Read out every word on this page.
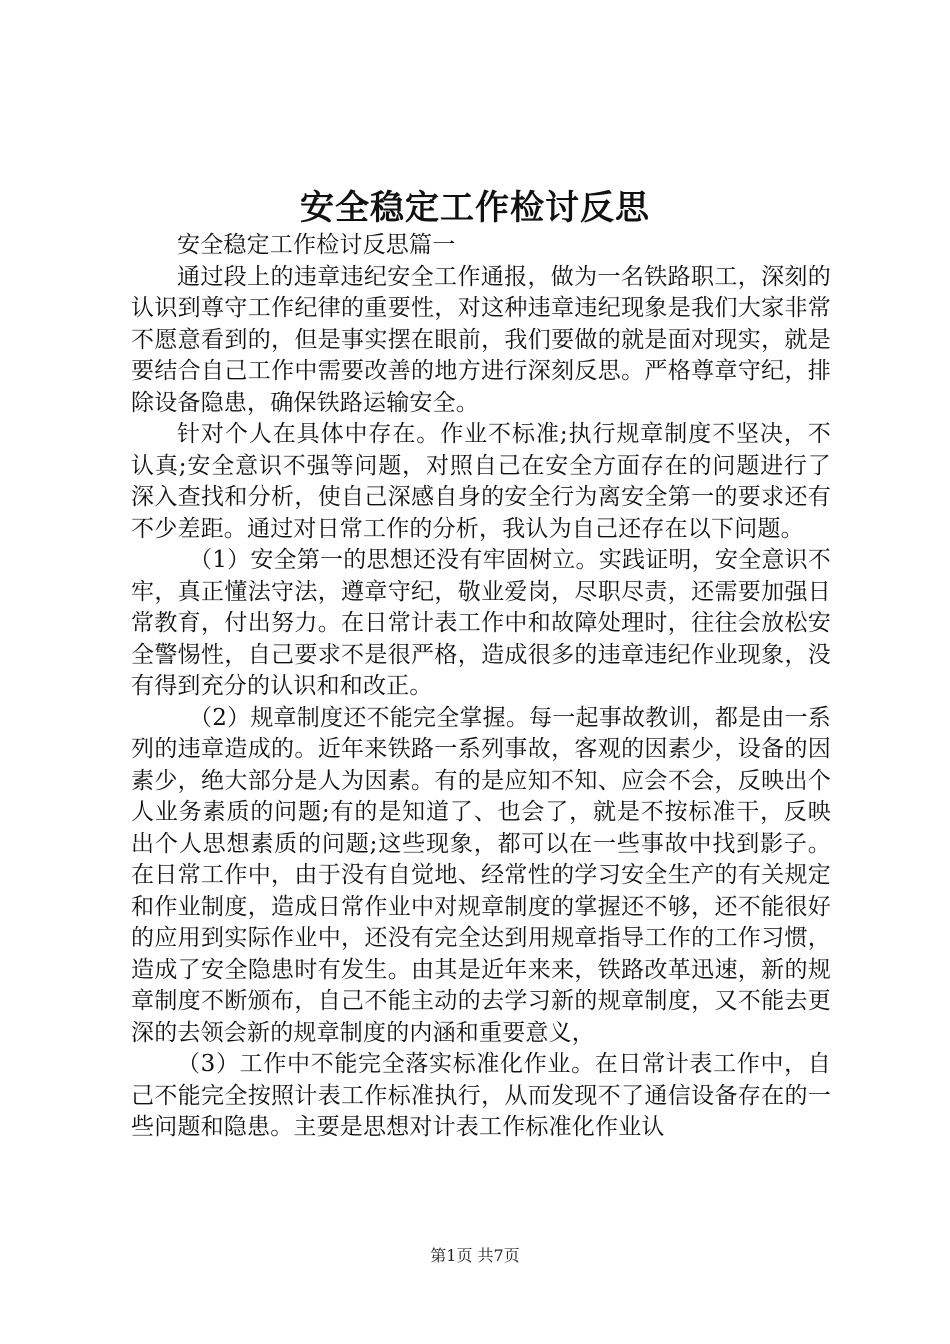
安全稳定工作检讨反思

安全稳定工作检讨反思篇一

通过段上的违章违纪安全工作通报，做为一名铁路职工，深刻的认识到尊守工作纪律的重要性，对这种违章违纪现象是我们大家非常不愿意看到的，但是事实摆在眼前，我们要做的就是面对现实，就是要结合自己工作中需要改善的地方进行深刻反思。严格尊章守纪，排除设备隐患，确保铁路运输安全。

针对个人在具体中存在。作业不标准;执行规章制度不坚决，不认真;安全意识不强等问题，对照自己在安全方面存在的问题进行了深入查找和分析，使自己深感自身的安全行为离安全第一的要求还有不少差距。通过对日常工作的分析，我认为自己还存在以下问题。

（1）安全第一的思想还没有牢固树立。实践证明，安全意识不牢，真正懂法守法，遵章守纪，敬业爱岗，尽职尽责，还需要加强日常教育，付出努力。在日常计表工作中和故障处理时，往往会放松安全警惕性，自己要求不是很严格，造成很多的违章违纪作业现象，没有得到充分的认识和和改正。

（2）规章制度还不能完全掌握。每一起事故教训，都是由一系列的违章造成的。近年来铁路一系列事故，客观的因素少，设备的因素少，绝大部分是人为因素。有的是应知不知、应会不会，反映出个人业务素质的问题;有的是知道了、也会了，就是不按标准干，反映出个人思想素质的问题;这些现象，都可以在一些事故中找到影子。在日常工作中，由于没有自觉地、经常性的学习安全生产的有关规定和作业制度，造成日常作业中对规章制度的掌握还不够，还不能很好的应用到实际作业中，还没有完全达到用规章指导工作的工作习惯，造成了安全隐患时有发生。由其是近年来来，铁路改革迅速，新的规章制度不断颁布，自己不能主动的去学习新的规章制度，又不能去更深的去领会新的规章制度的内涵和重要意义，

（3）工作中不能完全落实标准化作业。在日常计表工作中，自己不能完全按照计表工作标准执行，从而发现不了通信设备存在的一些问题和隐患。主要是思想对计表工作标准化作业认

第1页 共7页
